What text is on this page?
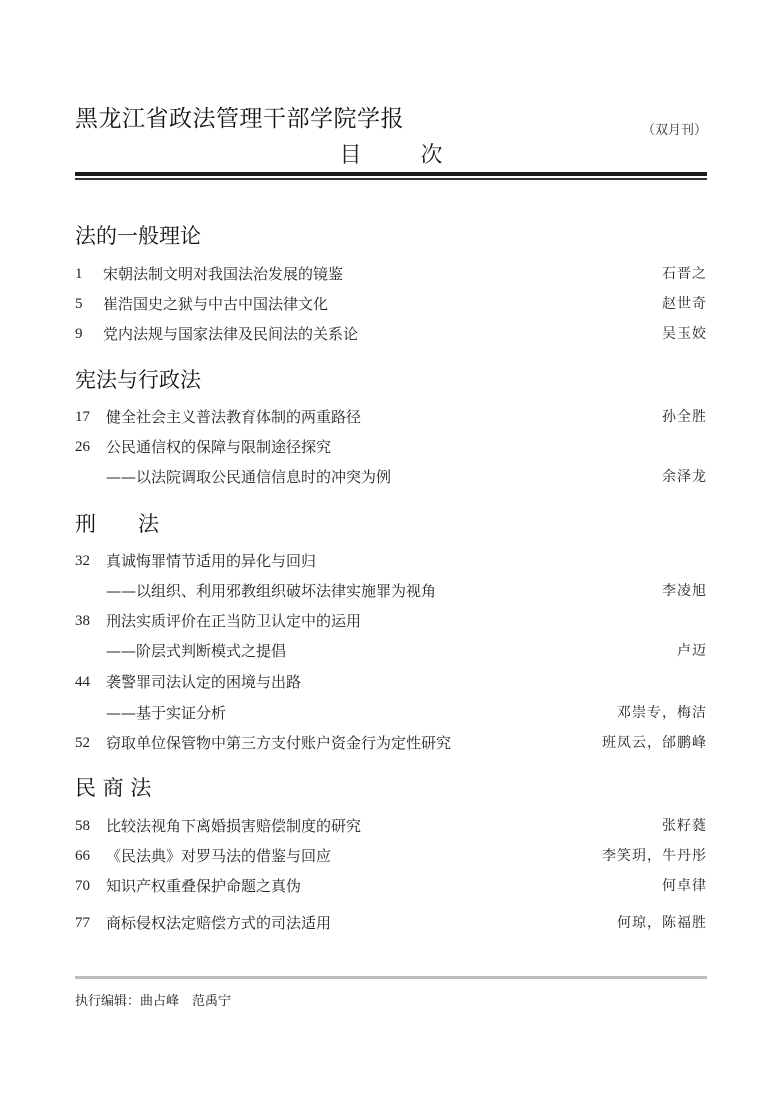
黑龙江省政法管理干部学院学报	（双月刊）
目	次
法的一般理论
1 宋朝法制文明对我国法治发展的镜鉴	石晋之
5 崔浩国史之狱与中古中国法律文化	赵世奇
9 党内法规与国家法律及民间法的关系论	吴玉姣
宪法与行政法
17 健全社会主义普法教育体制的两重路径	孙全胜
26 公民通信权的保障与限制途径探究
——以法院调取公民通信信息时的冲突为例	余泽龙
刑　　法
32 真诚悔罪情节适用的异化与回归
——以组织、利用邪教组织破坏法律实施罪为视角	李凌旭
38 刑法实质评价在正当防卫认定中的运用
——阶层式判断模式之提倡	卢迈
44 袭警罪司法认定的困境与出路
——基于实证分析	邓崇专，梅洁
52 窃取单位保管物中第三方支付账户资金行为定性研究	班凤云，邰鹏峰
民 商 法
58 比较法视角下离婚损害赔偿制度的研究	张籽蕤
66 《民法典》对罗马法的借鉴与回应	李笑玥，牛丹彤
70 知识产权重叠保护命题之真伪	何卓律
77 商标侵权法定赔偿方式的司法适用	何琼，陈福胜
执行编辑：曲占峰　范禹宁
